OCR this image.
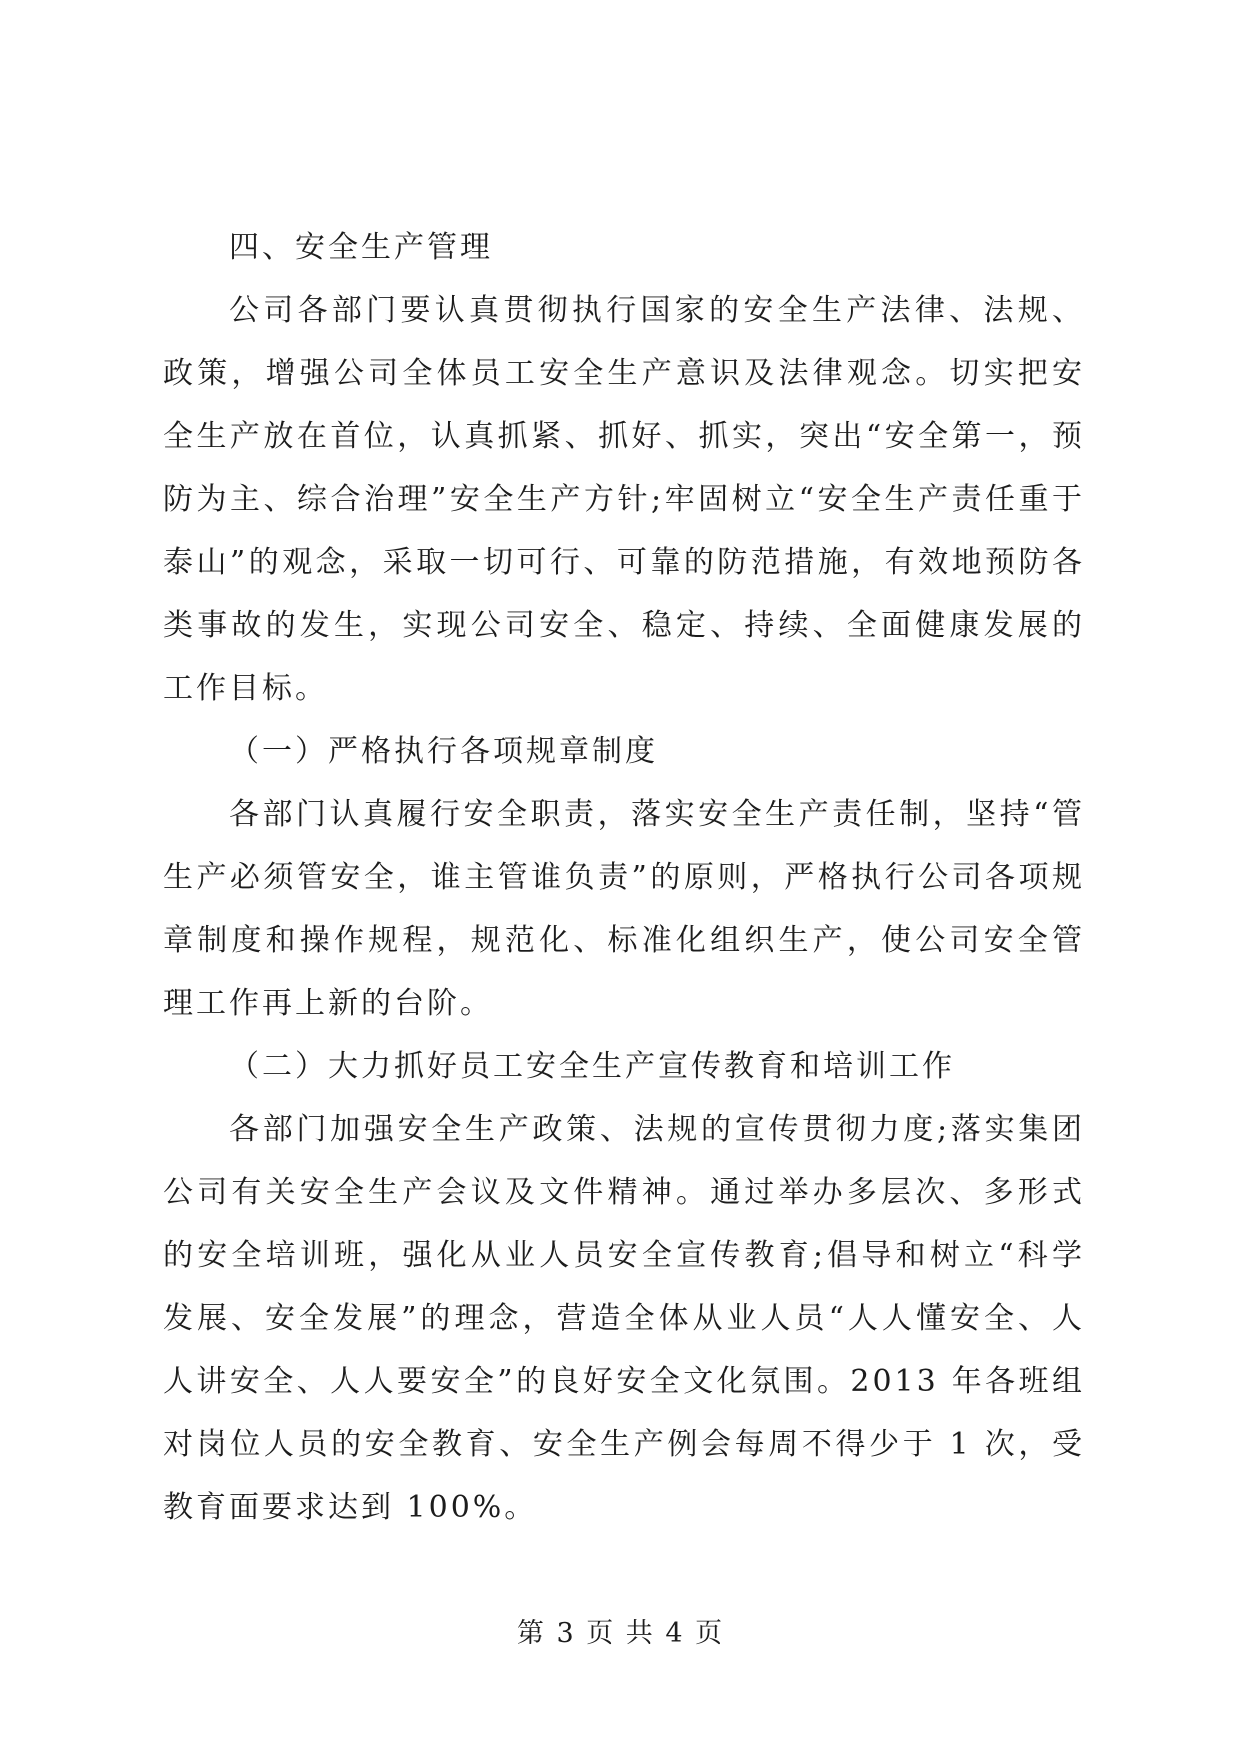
四、安全生产管理

公司各部门要认真贯彻执行国家的安全生产法律、法规、政策，增强公司全体员工安全生产意识及法律观念。切实把安全生产放在首位，认真抓紧、抓好、抓实，突出“安全第一，预防为主、综合治理”安全生产方针;牢固树立“安全生产责任重于泰山”的观念，采取一切可行、可靠的防范措施，有效地预防各类事故的发生，实现公司安全、稳定、持续、全面健康发展的工作目标。

（一）严格执行各项规章制度

各部门认真履行安全职责，落实安全生产责任制，坚持“管生产必须管安全，谁主管谁负责”的原则，严格执行公司各项规章制度和操作规程，规范化、标准化组织生产，使公司安全管理工作再上新的台阶。

（二）大力抓好员工安全生产宣传教育和培训工作

各部门加强安全生产政策、法规的宣传贯彻力度;落实集团公司有关安全生产会议及文件精神。通过举办多层次、多形式的安全培训班，强化从业人员安全宣传教育;倡导和树立“科学发展、安全发展”的理念，营造全体从业人员“人人懂安全、人人讲安全、人人要安全”的良好安全文化氛围。2013 年各班组对岗位人员的安全教育、安全生产例会每周不得少于 1 次，受教育面要求达到 100%。

第 3 页 共 4 页
